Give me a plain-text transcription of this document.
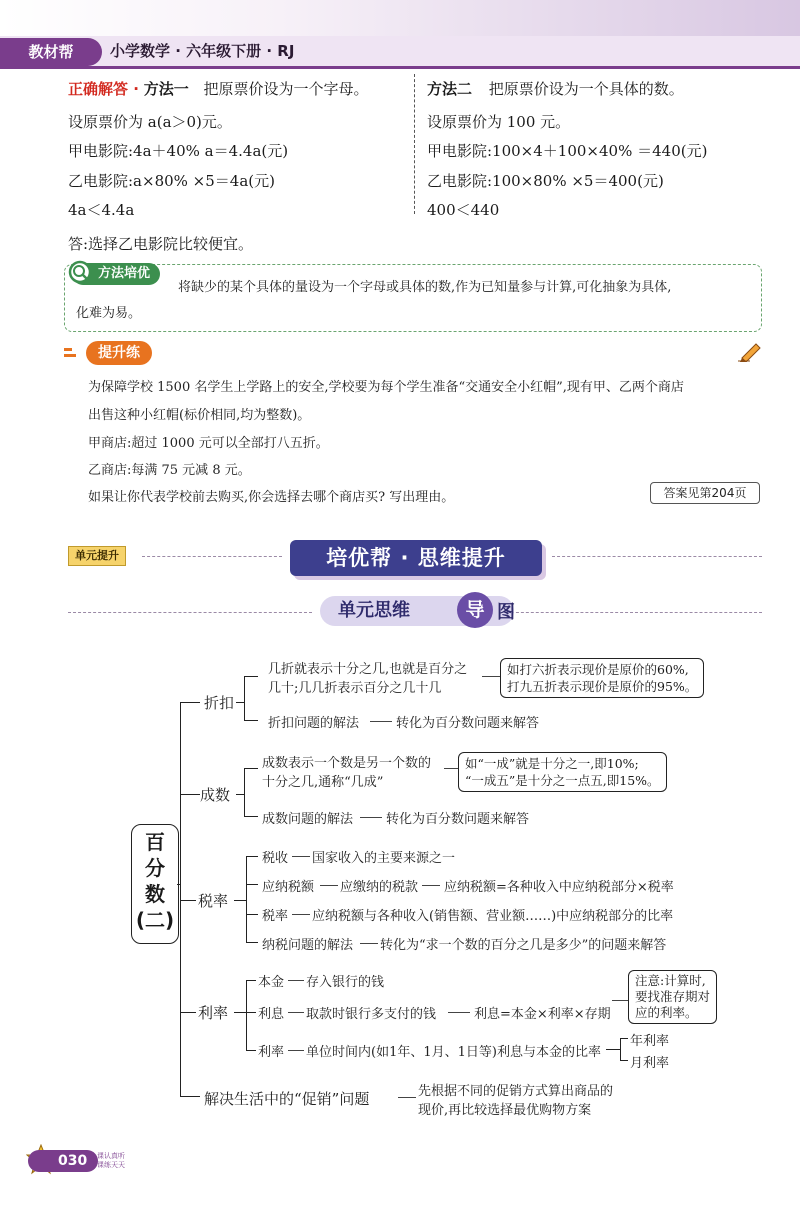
教材帮	小学数学 · 六年级下册 · RJ
正确解答 · 方法一 把原票价设为一个字母。
设原票价为 a(a＞0)元。
甲电影院:4a＋40% a＝4.4a(元)
乙电影院:a×80% ×5＝4a(元)
4a＜4.4a
方法二 把原票价设为一个具体的数。
设原票价为 100 元。
甲电影院:100×4＋100×40% ＝440(元)
乙电影院:100×80% ×5＝400(元)
400＜440
答:选择乙电影院比较便宜。
方法培优
将缺少的某个具体的量设为一个字母或具体的数,作为已知量参与计算,可化抽象为具体,
化难为易。
提升练
为保障学校 1500 名学生上学路上的安全,学校要为每个学生准备“交通安全小红帽”,现有甲、乙两个商店
出售这种小红帽(标价相同,均为整数)。
甲商店:超过 1000 元可以全部打八五折。
乙商店:每满 75 元减 8 元。
如果让你代表学校前去购买,你会选择去哪个商店买? 写出理由。	答案见第204页
单元提升	培优帮 · 思维提升
单元思维	导 图
百
分
数
(二)
折扣
几折就表示十分之几,也就是百分之
几十;几几折表示百分之几十几
如打六折表示现价是原价的60%,
打九五折表示现价是原价的95%。
折扣问题的解法	转化为百分数问题来解答
成数
成数表示一个数是另一个数的
十分之几,通称“几成”
如“一成”就是十分之一,即10%;
“一成五”是十分之一点五,即15%。
成数问题的解法	转化为百分数问题来解答
税率
税收 国家收入的主要来源之一
应纳税额 应缴纳的税款 应纳税额=各种收入中应纳税部分×税率
税率 应纳税额与各种收入(销售额、营业额……)中应纳税部分的比率
纳税问题的解法 转化为“求一个数的百分之几是多少”的问题来解答
利率
本金 存入银行的钱
利息 取款时银行多支付的钱	利息=本金×利率×存期
注意:计算时,
要找准存期对
应的利率。
利率 单位时间内(如1年、1月、1日等)利息与本金的比率
年利率
月利率
解决生活中的“促销”问题	先根据不同的促销方式算出商品的
现价,再比较选择最优购物方案
030 上课认真听
下课练天天
